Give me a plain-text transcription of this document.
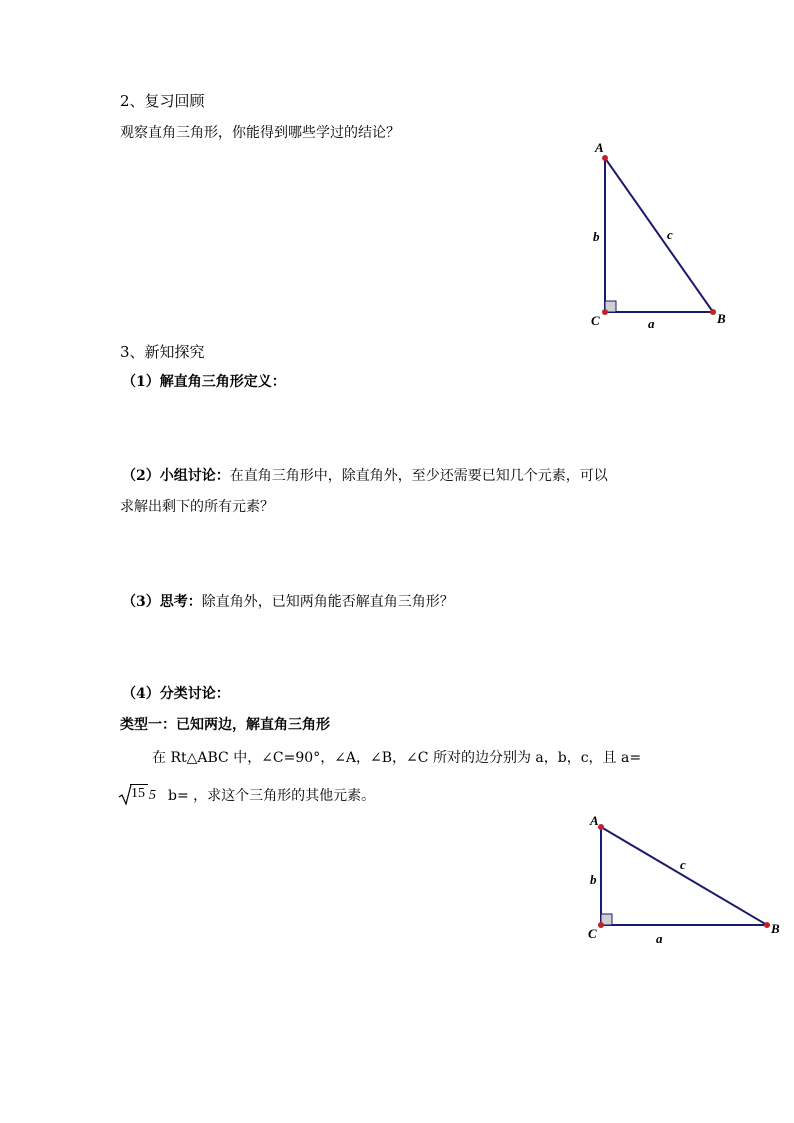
2、复习回顾
观察直角三角形，你能得到哪些学过的结论？
A
C	B
b	c
a
3、新知探究
（1）解直角三角形定义：
（2）小组讨论：在直角三角形中，除直角外，至少还需要已知几个元素，可以
求解出剩下的所有元素？
（3）思考：除直角外，已知两角能否解直角三角形？
（4）分类讨论：
类型一：已知两边，解直角三角形
在 Rt△ABC 中，∠C=90°，∠A，∠B，∠C 所对的边分别为 a，b，c，且 a=
15 5 b= ，求这个三角形的其他元素。
A
C	B
b
c
a
